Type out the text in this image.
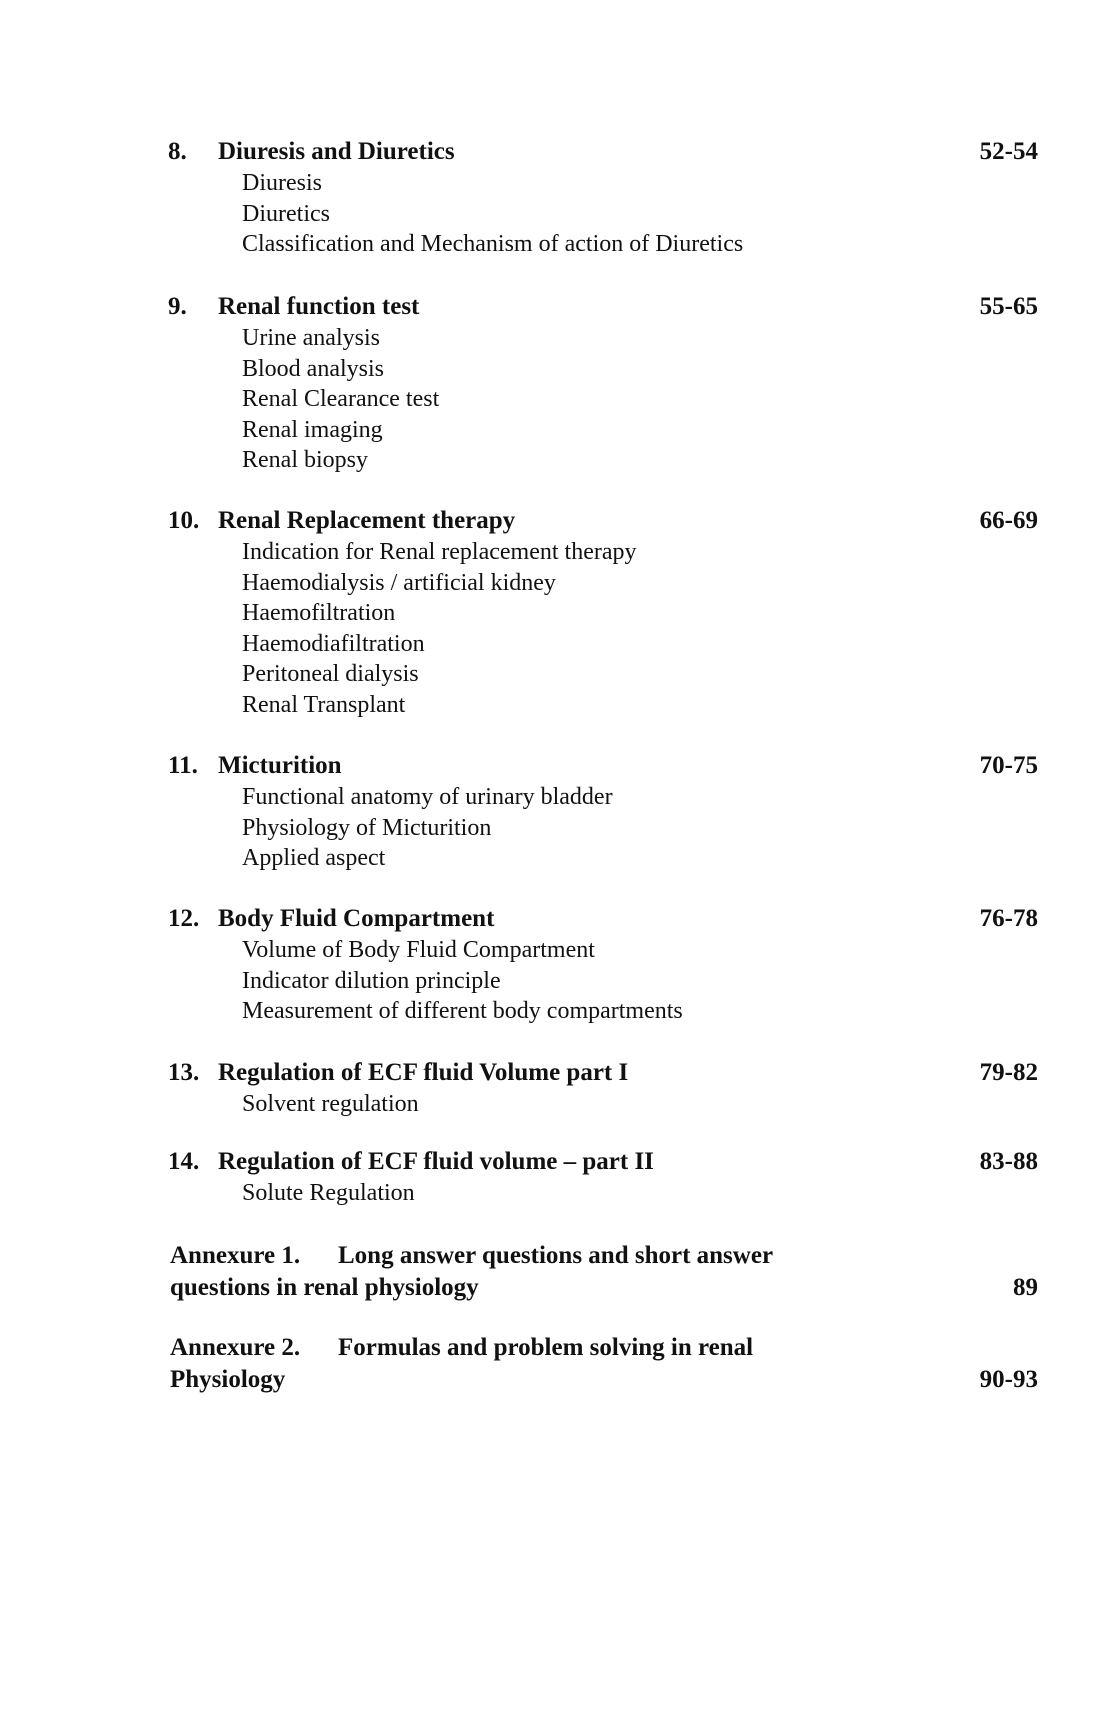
8. Diuresis and Diuretics	52-54
Diuresis
Diuretics
Classification and Mechanism of action of Diuretics
9. Renal function test	55-65
Urine analysis
Blood analysis
Renal Clearance test
Renal imaging
Renal biopsy
10. Renal Replacement therapy	66-69
Indication for Renal replacement therapy
Haemodialysis / artificial kidney
Haemofiltration
Haemodiafiltration
Peritoneal dialysis
Renal Transplant
11. Micturition	70-75
Functional anatomy of urinary bladder
Physiology of Micturition
Applied aspect
12. Body Fluid Compartment	76-78
Volume of Body Fluid Compartment
Indicator dilution principle
Measurement of different body compartments
13. Regulation of ECF fluid Volume part I	79-82
Solvent regulation
14. Regulation of ECF fluid volume – part II	83-88
Solute Regulation
Annexure 1. Long answer questions and short answer
questions in renal physiology	89
Annexure 2. Formulas and problem solving in renal
Physiology	90-93
